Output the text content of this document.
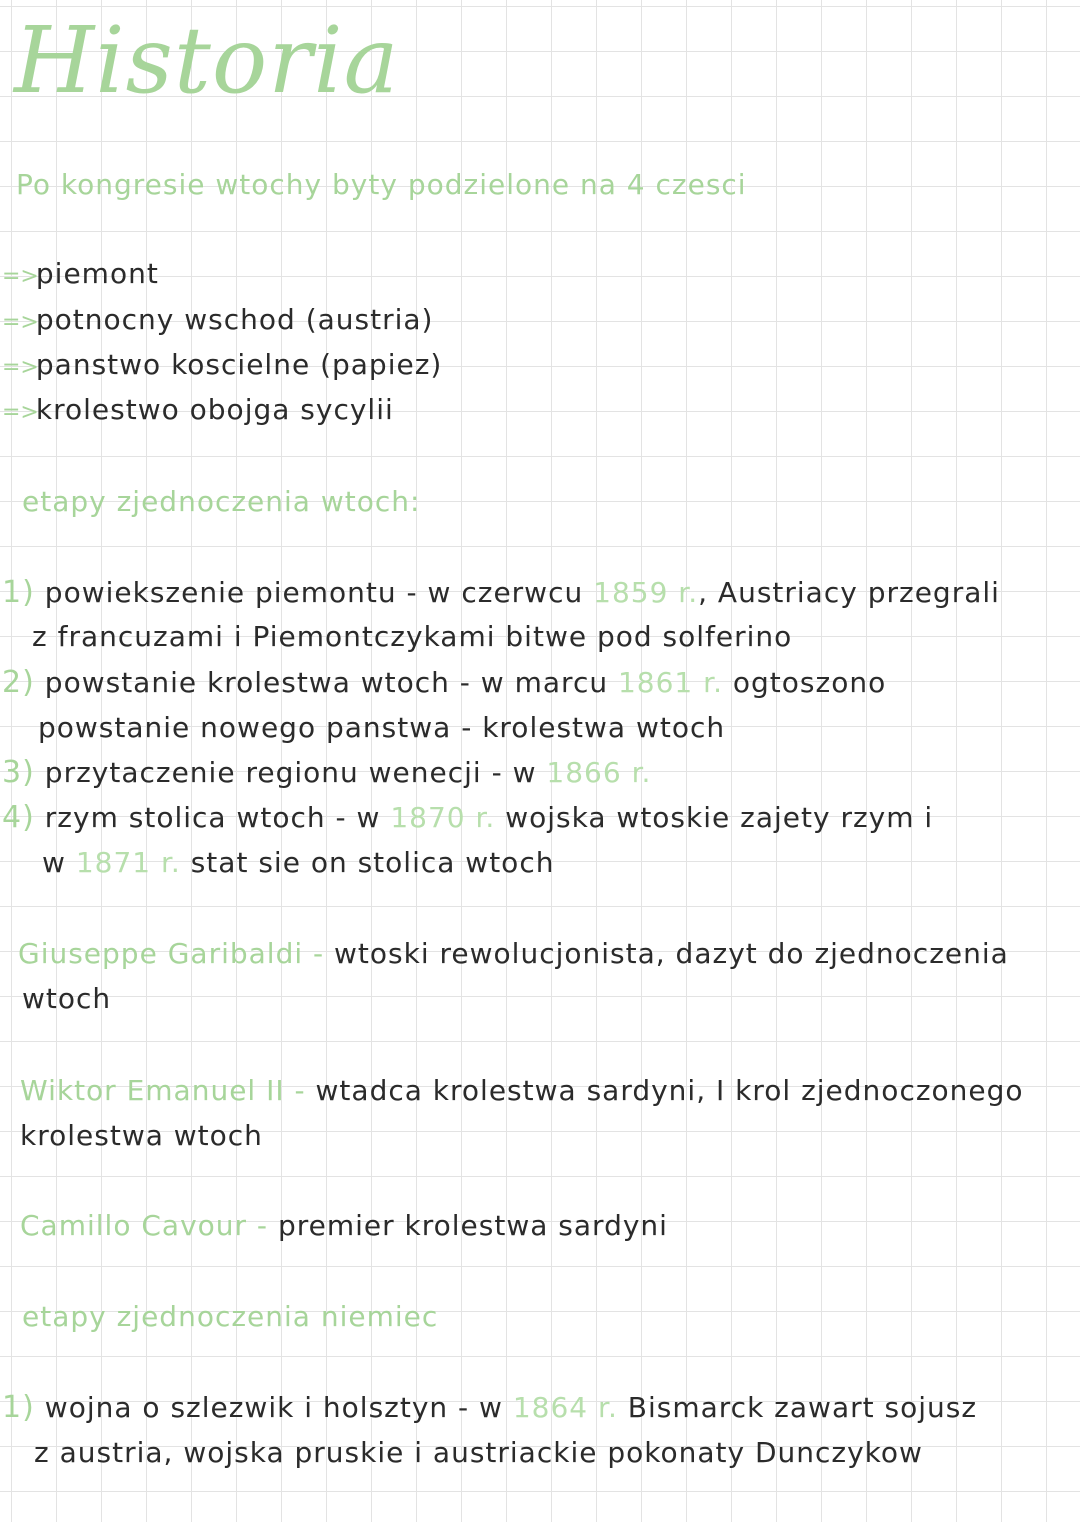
Historia
Po kongresie wtochy byty podzielone na 4 czesci
=> piemont
=> potnocny wschod (austria)
=> panstwo koscielne (papiez)
=> krolestwo obojga sycylii
etapy zjednoczenia wtoch:
1) powiekszenie piemontu - w czerwcu 1859 r., Austriacy przegrali
z francuzami i Piemontczykami bitwe pod solferino
2) powstanie krolestwa wtoch - w marcu 1861 r. ogtoszono
powstanie nowego panstwa - krolestwa wtoch
3) przytaczenie regionu wenecji - w 1866 r.
4) rzym stolica wtoch - w 1870 r. wojska wtoskie zajety rzym i
w 1871 r. stat sie on stolica wtoch
Giuseppe Garibaldi - wtoski rewolucjonista, dazyt do zjednoczenia
wtoch
Wiktor Emanuel II - wtadca krolestwa sardyni, I krol zjednoczonego
krolestwa wtoch
Camillo Cavour - premier krolestwa sardyni
etapy zjednoczenia niemiec
1) wojna o szlezwik i holsztyn - w 1864 r. Bismarck zawart sojusz
z austria, wojska pruskie i austriackie pokonaty Dunczykow
